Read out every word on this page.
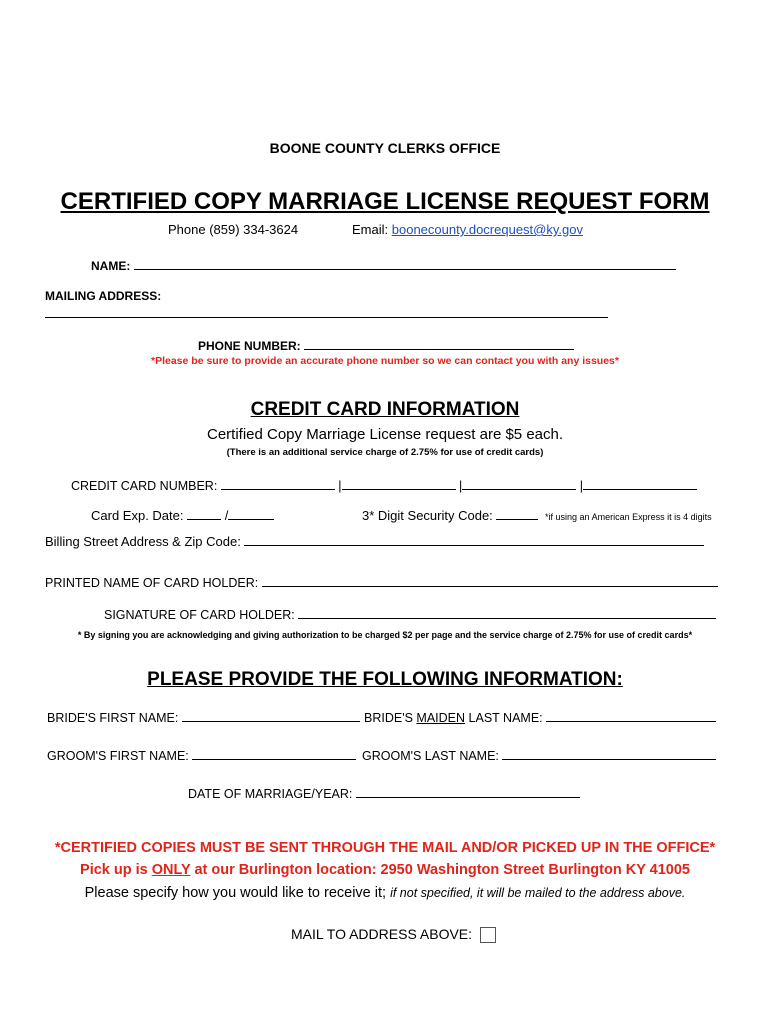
BOONE COUNTY CLERKS OFFICE
CERTIFIED COPY MARRIAGE LICENSE REQUEST FORM
Phone (859) 334-3624	Email: boonecounty.docrequest@ky.gov
NAME:
MAILING ADDRESS:
PHONE NUMBER:
*Please be sure to provide an accurate phone number so we can contact you with any issues*
CREDIT CARD INFORMATION
Certified Copy Marriage License request are $5 each.
(There is an additional service charge of 2.75% for use of credit cards)
CREDIT CARD NUMBER:	|	|	|
Card Exp. Date:	/	3* Digit Security Code:	*if using an American Express it is 4 digits
Billing Street Address & Zip Code:
PRINTED NAME OF CARD HOLDER:
SIGNATURE OF CARD HOLDER:
* By signing you are acknowledging and giving authorization to be charged $2 per page and the service charge of 2.75% for use of credit cards*
PLEASE PROVIDE THE FOLLOWING INFORMATION:
BRIDE'S FIRST NAME:	BRIDE'S MAIDEN LAST NAME:
GROOM'S FIRST NAME:	GROOM'S LAST NAME:
DATE OF MARRIAGE/YEAR:
*CERTIFIED COPIES MUST BE SENT THROUGH THE MAIL AND/OR PICKED UP IN THE OFFICE*
Pick up is ONLY at our Burlington location: 2950 Washington Street Burlington KY 41005
Please specify how you would like to receive it; if not specified, it will be mailed to the address above.
MAIL TO ADDRESS ABOVE:
